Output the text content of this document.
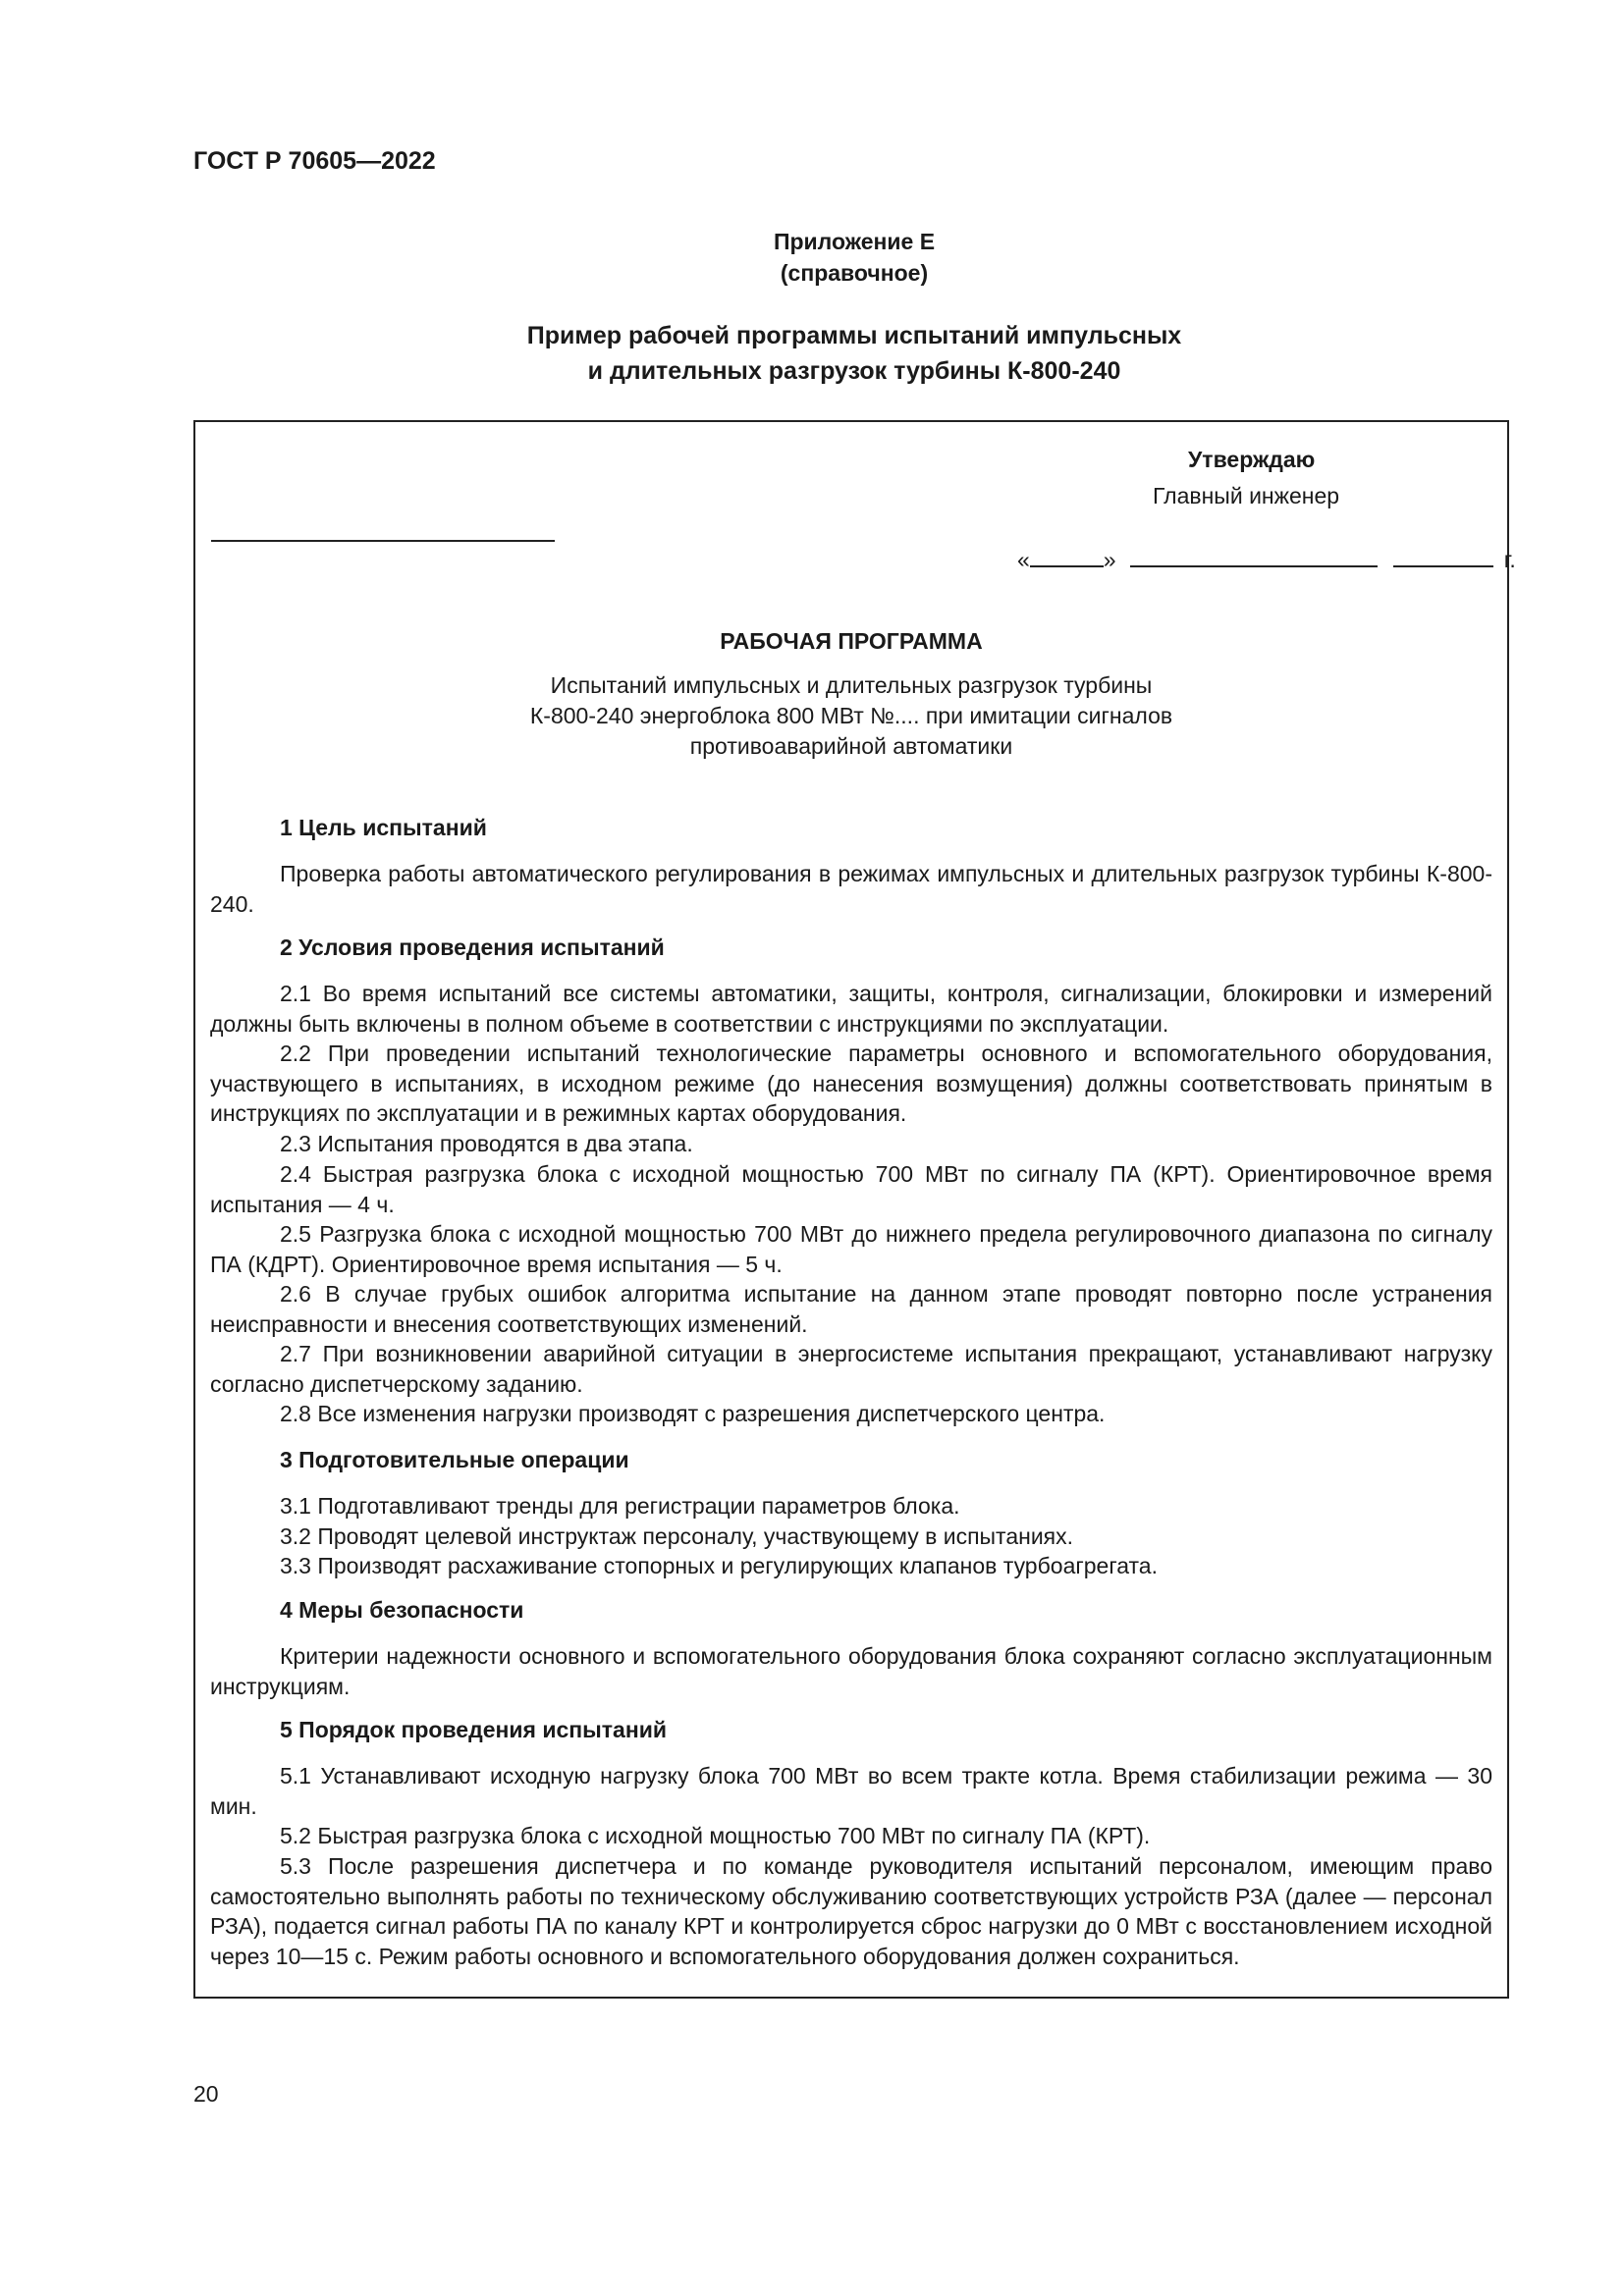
ГОСТ Р 70605—2022
Приложение Е
(справочное)
Пример рабочей программы испытаний импульсных
и длительных разгрузок турбины К-800-240
Утверждаю
Главный инженер
«	»	г.
РАБОЧАЯ ПРОГРАММА
Испытаний импульсных и длительных разгрузок турбины
К-800-240 энергоблока 800 МВт №.... при имитации сигналов
противоаварийной автоматики
1 Цель испытаний

Проверка работы автоматического регулирования в режимах импульсных и длительных разгрузок турбины К-800-240.

2 Условия проведения испытаний

2.1 Во время испытаний все системы автоматики, защиты, контроля, сигнализации, блокировки и измерений должны быть включены в полном объеме в соответствии с инструкциями по эксплуатации.

2.2 При проведении испытаний технологические параметры основного и вспомогательного оборудования, участвующего в испытаниях, в исходном режиме (до нанесения возмущения) должны соответствовать принятым в инструкциях по эксплуатации и в режимных картах оборудования.

2.3 Испытания проводятся в два этапа.

2.4 Быстрая разгрузка блока с исходной мощностью 700 МВт по сигналу ПА (КРТ). Ориентировочное время испытания — 4 ч.

2.5 Разгрузка блока с исходной мощностью 700 МВт до нижнего предела регулировочного диапазона по сигналу ПА (КДРТ). Ориентировочное время испытания — 5 ч.

2.6 В случае грубых ошибок алгоритма испытание на данном этапе проводят повторно после устранения неисправности и внесения соответствующих изменений.

2.7 При возникновении аварийной ситуации в энергосистеме испытания прекращают, устанавливают нагрузку согласно диспетчерскому заданию.

2.8 Все изменения нагрузки производят с разрешения диспетчерского центра.

3 Подготовительные операции

3.1 Подготавливают тренды для регистрации параметров блока.

3.2 Проводят целевой инструктаж персоналу, участвующему в испытаниях.

3.3 Производят расхаживание стопорных и регулирующих клапанов турбоагрегата.

4 Меры безопасности

Критерии надежности основного и вспомогательного оборудования блока сохраняют согласно эксплуатационным инструкциям.

5 Порядок проведения испытаний

5.1 Устанавливают исходную нагрузку блока 700 МВт во всем тракте котла. Время стабилизации режима — 30 мин.

5.2 Быстрая разгрузка блока с исходной мощностью 700 МВт по сигналу ПА (КРТ).

5.3 После разрешения диспетчера и по команде руководителя испытаний персоналом, имеющим право самостоятельно выполнять работы по техническому обслуживанию соответствующих устройств РЗА (далее — персонал РЗА), подается сигнал работы ПА по каналу КРТ и контролируется сброс нагрузки до 0 МВт с восстановлением исходной через 10—15 с. Режим работы основного и вспомогательного оборудования должен сохраниться.

20
